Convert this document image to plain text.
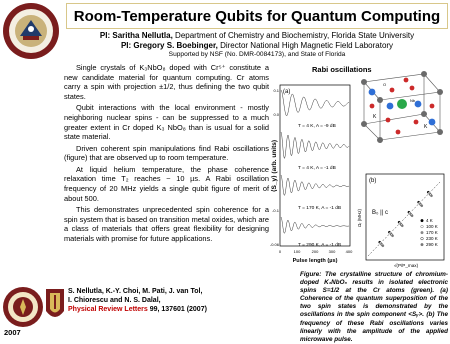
Room-Temperature Qubits for Quantum Computing
PI: Saritha Nellutla, Department of Chemistry and Biochemistry, Florida State University
PI: Gregory S. Boebinger, Director National High Magnetic Field Laboratory
Supported by NSF (No. DMR-0084173), and State of Florida

Single crystals of K₃NbO₈ doped with Cr⁵⁺ constitute a new candidate material for quantum computing. Cr atoms carry a spin with projection ±1/2, thus defining the two qubit states.

Qubit interactions with the local environment - mostly neighboring nuclear spins - can be suppressed to a much greater extent in Cr doped K₃ NbO₈ than is usual for a solid state material.

Driven coherent spin manipulations find Rabi oscillations (figure) that are observed up to room temperature.

At liquid helium temperature, the phase coherence relaxation time T₂ reaches ~ 10 µs. A Rabi oscillation frequency of 20 MHz yields a single qubit figure of merit of about 500.

This demonstrates unprecedented spin coherence for a spin system that is based on transition metal oxides, which are a class of materials that offers great flexibility for designing materials with promise for future applications.

K
K
Nb
O
Rabi oscillations
(a)
⟨S_y⟩ (arb. units)
T = 4 K, A = -9 dB
T = 4 K, A = -1 dB
T = 170 K, A = -1 dB
T = 290 K, A = -1 dB
0.1
0.0
-0.1
-0.06
0	100	200	300	400
Pulse length (µs)
(b)
B₀ || c
Ωᵣ (MHz)	4 K
100 K
170 K
230 K
290 K
√(P/P_max)
Figure: The crystalline structure of chromium-doped K₃NbO₈ results in isolated electronic spins S=1/2 at the Cr atoms (green). (a) Coherence of the quantum superposition of the two spin states is demonstrated by the oscillations in the spin component <Sᵧ>. (b) The frequency of these Rabi oscillations varies linearly with the amplitude of the applied microwave pulse.
S. Nellutla, K.-Y. Choi, M. Pati, J. van Tol,
I. Chiorescu and N. S. Dalal,
Physical Review Letters 99, 137601 (2007)
2007
